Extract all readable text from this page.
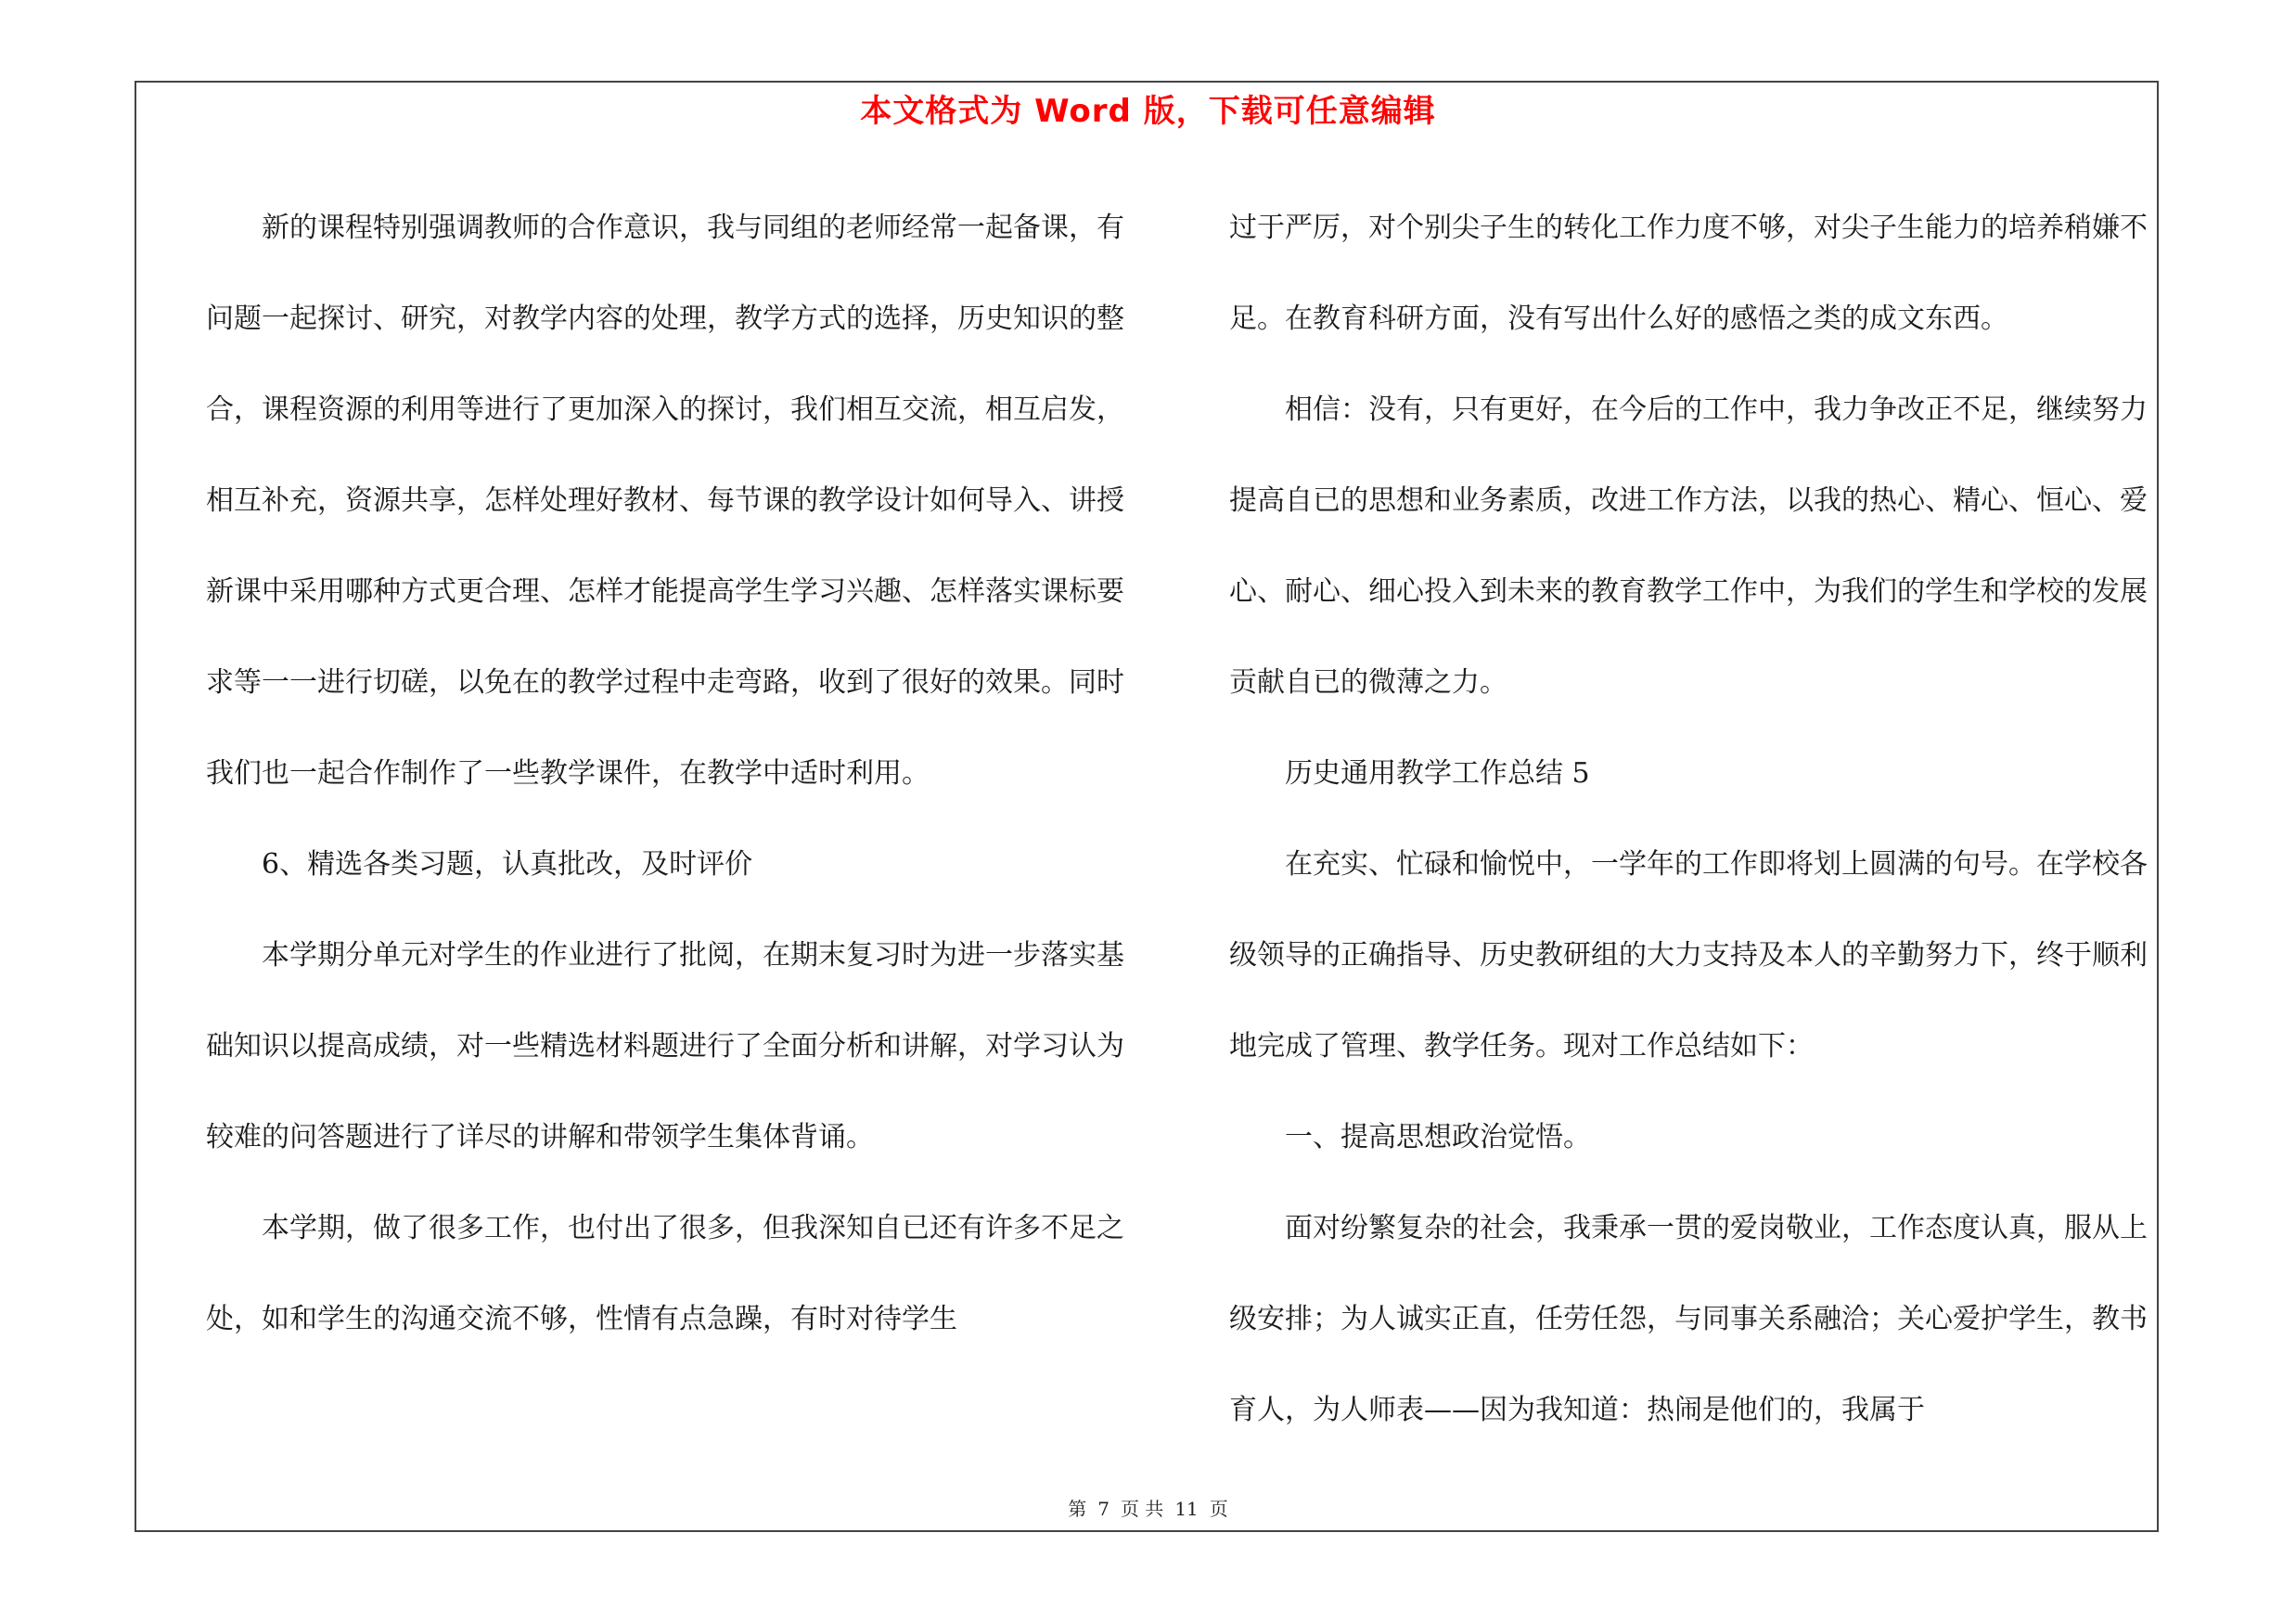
本文格式为 Word 版，下载可任意编辑

新的课程特别强调教师的合作意识，我与同组的老师经常一起备课，有问题一起探讨、研究，对教学内容的处理，教学方式的选择，历史知识的整合，课程资源的利用等进行了更加深入的探讨，我们相互交流，相互启发，相互补充，资源共享，怎样处理好教材、每节课的教学设计如何导入、讲授新课中采用哪种方式更合理、怎样才能提高学生学习兴趣、怎样落实课标要求等一一进行切磋，以免在的教学过程中走弯路，收到了很好的效果。同时我们也一起合作制作了一些教学课件，在教学中适时利用。

6、精选各类习题，认真批改，及时评价

本学期分单元对学生的作业进行了批阅，在期末复习时为进一步落实基础知识以提高成绩，对一些精选材料题进行了全面分析和讲解，对学习认为较难的问答题进行了详尽的讲解和带领学生集体背诵。

本学期，做了很多工作，也付出了很多，但我深知自已还有许多不足之处，如和学生的沟通交流不够，性情有点急躁，有时对待学生

过于严厉，对个别尖子生的转化工作力度不够，对尖子生能力的培养稍嫌不足。在教育科研方面，没有写出什么好的感悟之类的成文东西。

相信：没有，只有更好，在今后的工作中，我力争改正不足，继续努力提高自已的思想和业务素质，改进工作方法，以我的热心、精心、恒心、爱心、耐心、细心投入到未来的教育教学工作中，为我们的学生和学校的发展贡献自已的微薄之力。

历史通用教学工作总结 5

在充实、忙碌和愉悦中，一学年的工作即将划上圆满的句号。在学校各级领导的正确指导、历史教研组的大力支持及本人的辛勤努力下，终于顺利地完成了管理、教学任务。现对工作总结如下：

一、提高思想政治觉悟。

面对纷繁复杂的社会，我秉承一贯的爱岗敬业，工作态度认真，服从上级安排；为人诚实正直，任劳任怨，与同事关系融洽；关心爱护学生，教书育人，为人师表——因为我知道：热闹是他们的，我属于

第 7 页 共 11 页
